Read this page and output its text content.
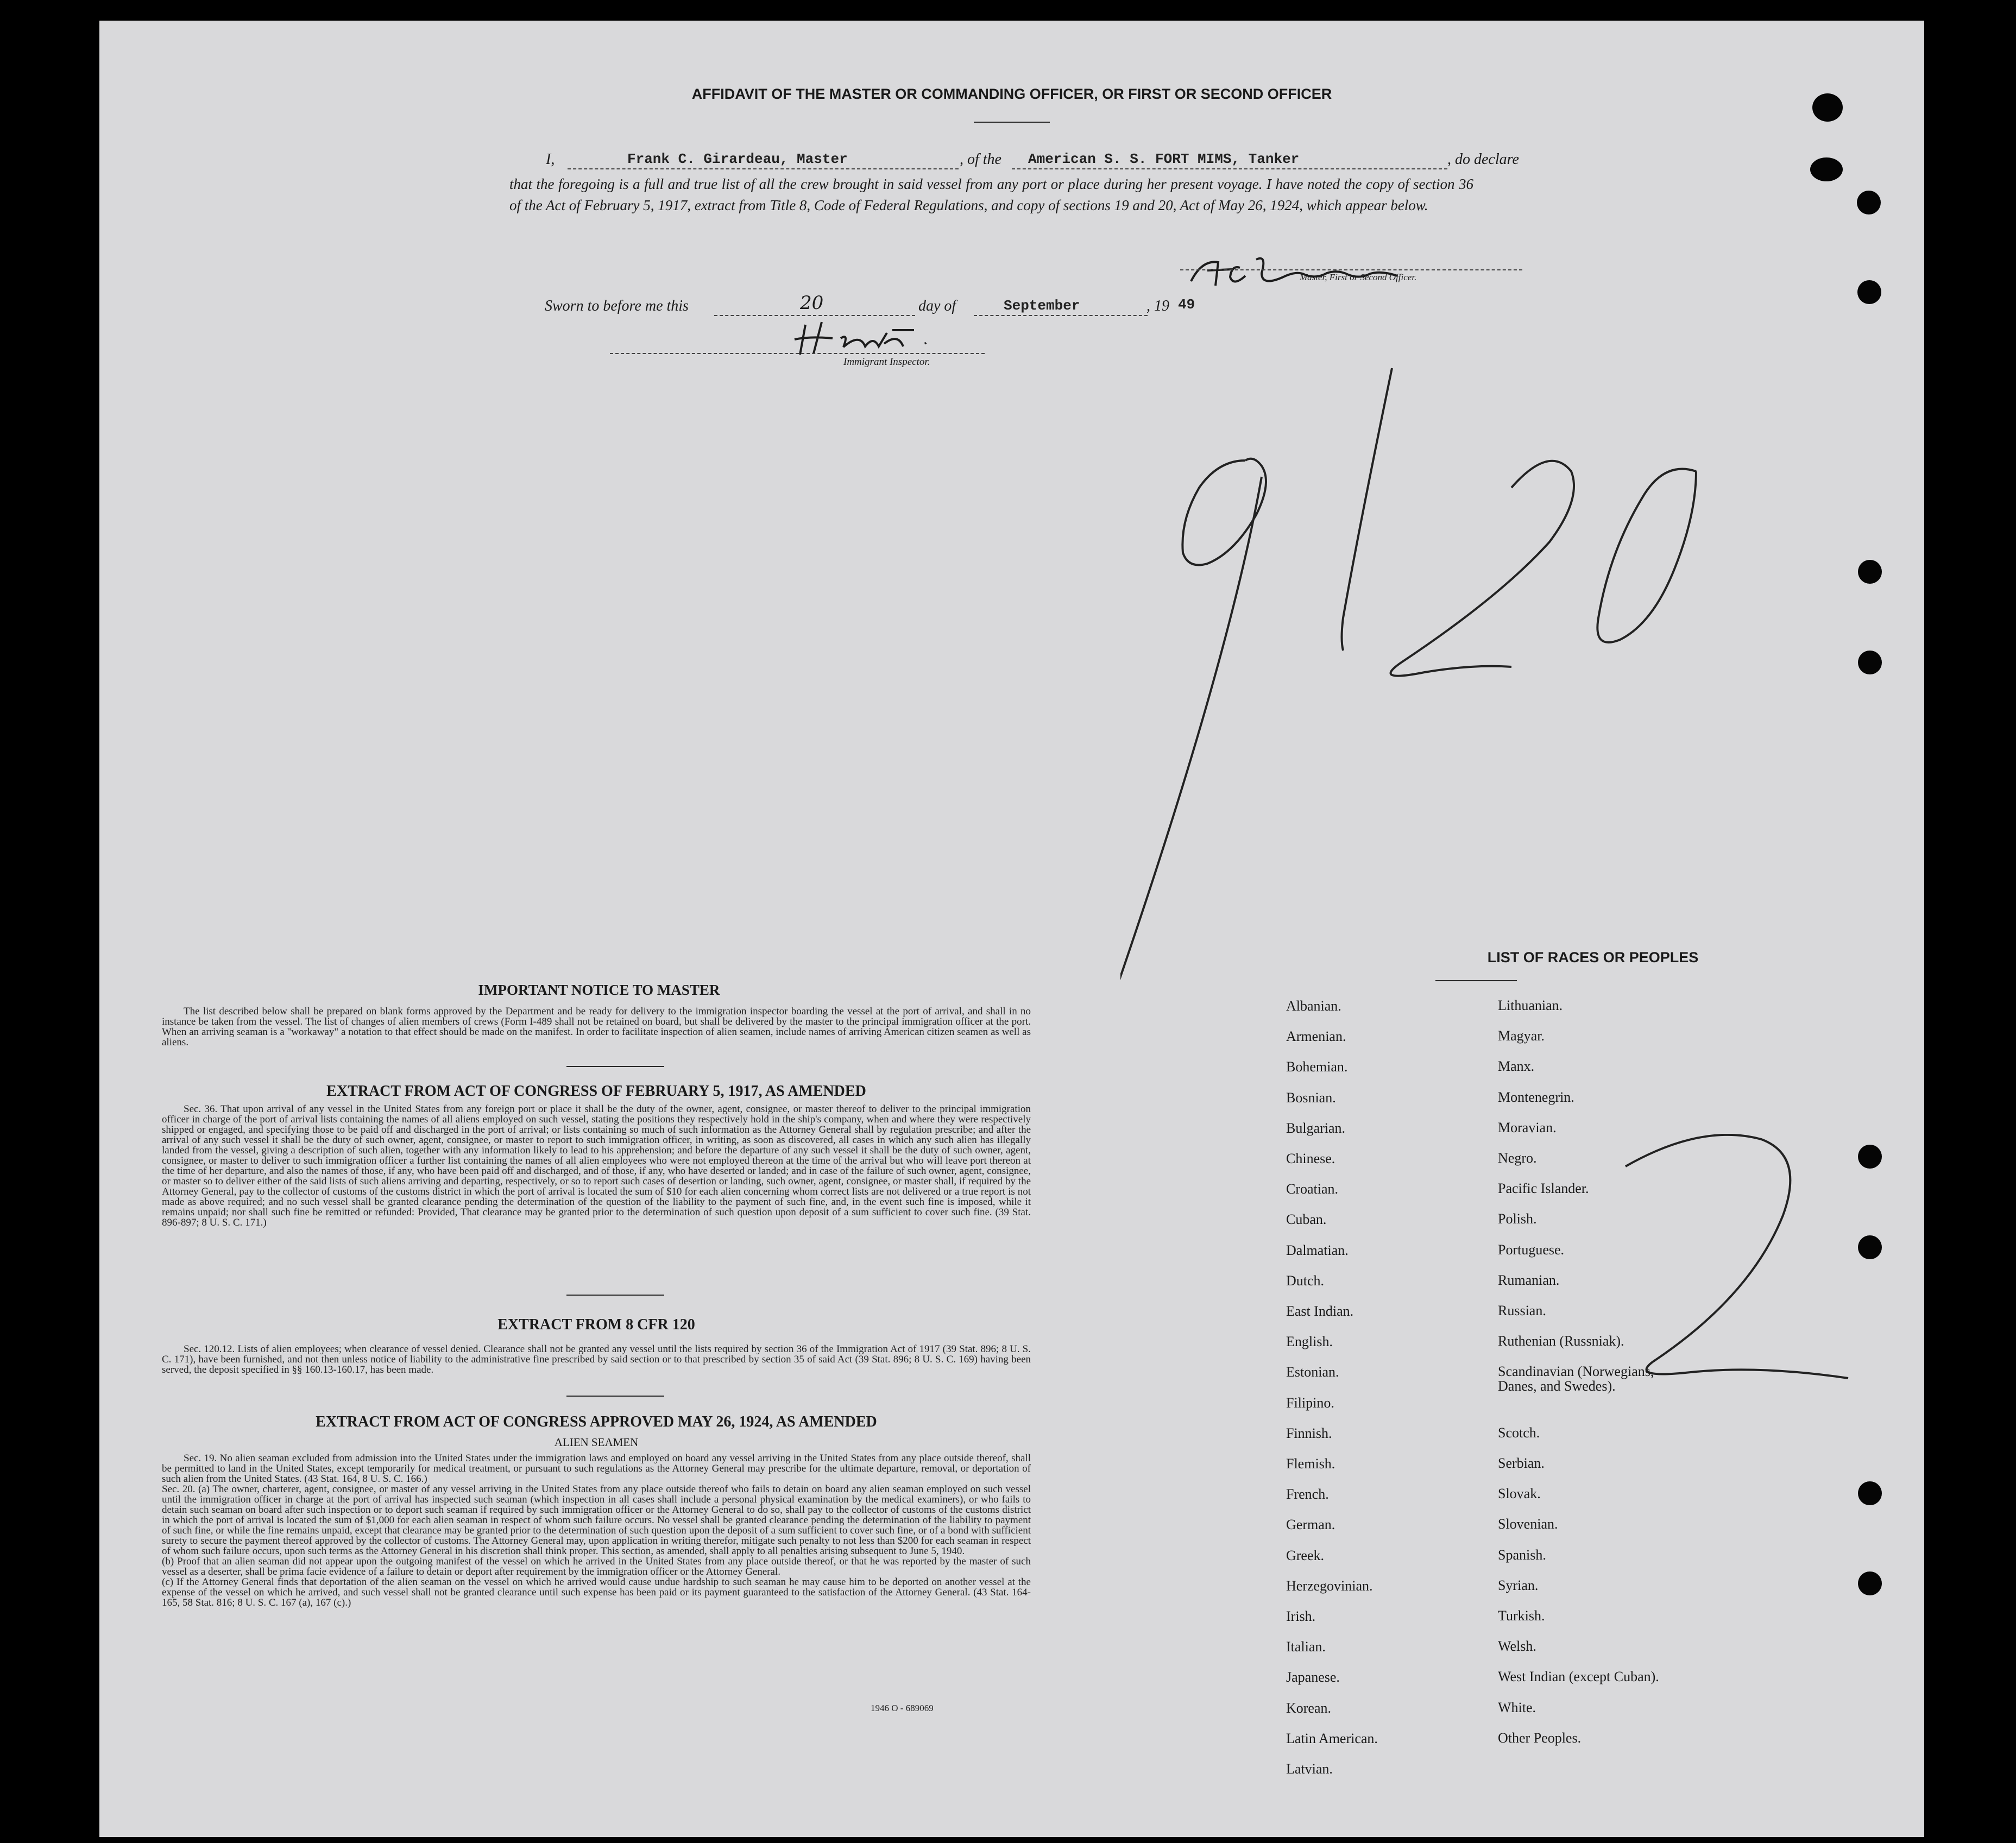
AFFIDAVIT OF THE MASTER OR COMMANDING OFFICER, OR FIRST OR SECOND OFFICER
I,	Frank C. Girardeau, Master	, of the American S. S. FORT MIMS, Tanker	, do declare
that the foregoing is a full and true list of all the crew brought in said vessel from any port or place during her present voyage. I have noted the copy of section 36 of the Act of February 5, 1917, extract from Title 8, Code of Federal Regulations, and copy of sections 19 and 20, Act of May 26, 1924, which appear below.
Master, First or Second Officer.
Sworn to before me this	20	day of	September	, 19 49
Immigrant Inspector.
IMPORTANT NOTICE TO MASTER
The list described below shall be prepared on blank forms approved by the Department and be ready for delivery to the immigration inspector boarding the vessel at the port of arrival, and shall in no instance be taken from the vessel. The list of changes of alien members of crews (Form I-489 shall not be retained on board, but shall be delivered by the master to the principal immigration officer at the port. When an arriving seaman is a "workaway" a notation to that effect should be made on the manifest. In order to facilitate inspection of alien seamen, include names of arriving American citizen seamen as well as aliens.
EXTRACT FROM ACT OF CONGRESS OF FEBRUARY 5, 1917, AS AMENDED
Sec. 36. That upon arrival of any vessel in the United States from any foreign port or place it shall be the duty of the owner, agent, consignee, or master thereof to deliver to the principal immigration officer in charge of the port of arrival lists containing the names of all aliens employed on such vessel, stating the positions they respectively hold in the ship's company, when and where they were respectively shipped or engaged, and specifying those to be paid off and discharged in the port of arrival; or lists containing so much of such information as the Attorney General shall by regulation prescribe; and after the arrival of any such vessel it shall be the duty of such owner, agent, consignee, or master to report to such immigration officer, in writing, as soon as discovered, all cases in which any such alien has illegally landed from the vessel, giving a description of such alien, together with any information likely to lead to his apprehension; and before the departure of any such vessel it shall be the duty of such owner, agent, consignee, or master to deliver to such immigration officer a further list containing the names of all alien employees who were not employed thereon at the time of the arrival but who will leave port thereon at the time of her departure, and also the names of those, if any, who have been paid off and discharged, and of those, if any, who have deserted or landed; and in case of the failure of such owner, agent, consignee, or master so to deliver either of the said lists of such aliens arriving and departing, respectively, or so to report such cases of desertion or landing, such owner, agent, consignee, or master shall, if required by the Attorney General, pay to the collector of customs of the customs district in which the port of arrival is located the sum of $10 for each alien concerning whom correct lists are not delivered or a true report is not made as above required; and no such vessel shall be granted clearance pending the determination of the question of the liability to the payment of such fine, and, in the event such fine is imposed, while it remains unpaid; nor shall such fine be remitted or refunded: Provided, That clearance may be granted prior to the determination of such question upon deposit of a sum sufficient to cover such fine. (39 Stat. 896-897; 8 U. S. C. 171.)
EXTRACT FROM 8 CFR 120
Sec. 120.12. Lists of alien employees; when clearance of vessel denied. Clearance shall not be granted any vessel until the lists required by section 36 of the Immigration Act of 1917 (39 Stat. 896; 8 U. S. C. 171), have been furnished, and not then unless notice of liability to the administrative fine prescribed by said section or to that prescribed by section 35 of said Act (39 Stat. 896; 8 U. S. C. 169) having been served, the deposit specified in §§ 160.13-160.17, has been made.
EXTRACT FROM ACT OF CONGRESS APPROVED MAY 26, 1924, AS AMENDED
ALIEN SEAMEN
Sec. 19. No alien seaman excluded from admission into the United States under the immigration laws and employed on board any vessel arriving in the United States from any place outside thereof, shall be permitted to land in the United States, except temporarily for medical treatment, or pursuant to such regulations as the Attorney General may prescribe for the ultimate departure, removal, or deportation of such alien from the United States. (43 Stat. 164, 8 U. S. C. 166.)
Sec. 20. (a) The owner, charterer, agent, consignee, or master of any vessel arriving in the United States from any place outside thereof who fails to detain on board any alien seaman employed on such vessel until the immigration officer in charge at the port of arrival has inspected such seaman (which inspection in all cases shall include a personal physical examination by the medical examiners), or who fails to detain such seaman on board after such inspection or to deport such seaman if required by such immigration officer or the Attorney General to do so, shall pay to the collector of customs of the customs district in which the port of arrival is located the sum of $1,000 for each alien seaman in respect of whom such failure occurs. No vessel shall be granted clearance pending the determination of the liability to payment of such fine, or while the fine remains unpaid, except that clearance may be granted prior to the determination of such question upon the deposit of a sum sufficient to cover such fine, or of a bond with sufficient surety to secure the payment thereof approved by the collector of customs. The Attorney General may, upon application in writing therefor, mitigate such penalty to not less than $200 for each seaman in respect of whom such failure occurs, upon such terms as the Attorney General in his discretion shall think proper. This section, as amended, shall apply to all penalties arising subsequent to June 5, 1940.
(b) Proof that an alien seaman did not appear upon the outgoing manifest of the vessel on which he arrived in the United States from any place outside thereof, or that he was reported by the master of such vessel as a deserter, shall be prima facie evidence of a failure to detain or deport after requirement by the immigration officer or the Attorney General.
(c) If the Attorney General finds that deportation of the alien seaman on the vessel on which he arrived would cause undue hardship to such seaman he may cause him to be deported on another vessel at the expense of the vessel on which he arrived, and such vessel shall not be granted clearance until such expense has been paid or its payment guaranteed to the satisfaction of the Attorney General. (43 Stat. 164-165, 58 Stat. 816; 8 U. S. C. 167 (a), 167 (c).)
1946 O - 689069
LIST OF RACES OR PEOPLES
Albanian.
Armenian.
Bohemian.
Bosnian.
Bulgarian.
Chinese.
Croatian.
Cuban.
Dalmatian.
Dutch.
East Indian.
English.
Estonian.
Filipino.
Finnish.
Flemish.
French.
German.
Greek.
Herzegovinian.
Irish.
Italian.
Japanese.
Korean.
Latin American.
Latvian.
Lithuanian.
Magyar.
Manx.
Montenegrin.
Moravian.
Negro.
Pacific Islander.
Polish.
Portuguese.
Rumanian.
Russian.
Ruthenian (Russniak).
Scandinavian (Norwegians, Danes, and Swedes).
Scotch.
Serbian.
Slovak.
Slovenian.
Spanish.
Syrian.
Turkish.
Welsh.
West Indian (except Cuban).
White.
Other Peoples.
